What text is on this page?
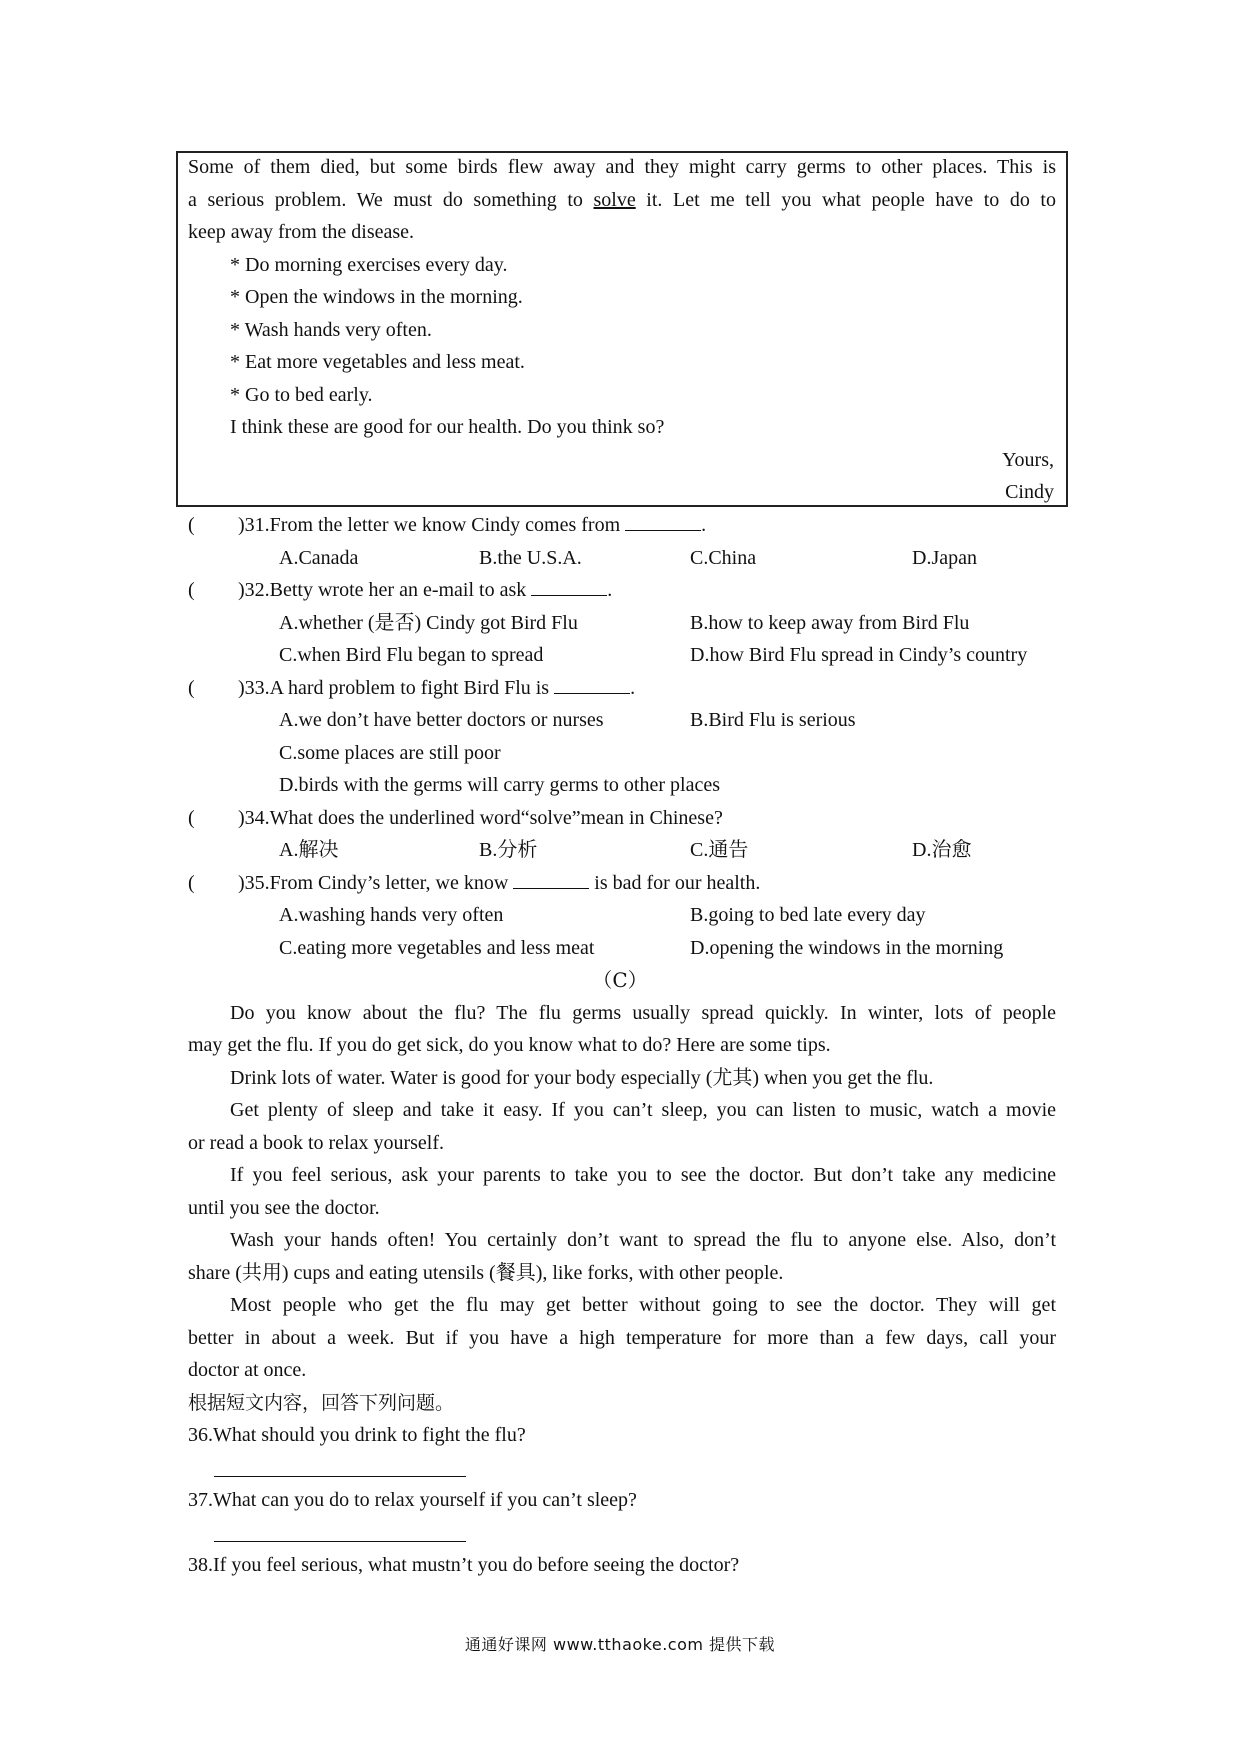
Some of them died, but some birds flew away and they might carry germs to other places. This is
a serious problem. We must do something to solve it. Let me tell you what people have to do to
keep away from the disease.
* Do morning exercises every day.
* Open the windows in the morning.
* Wash hands very often.
* Eat more vegetables and less meat.
* Go to bed early.
I think these are good for our health. Do you think so?
Yours,
Cindy
( )31.From the letter we know Cindy comes from	.
A.Canada	B.the U.S.A.	C.China	D.Japan
( )32.Betty wrote her an e-mail to ask	.
A.whether (是否) Cindy got Bird Flu	B.how to keep away from Bird Flu
C.when Bird Flu began to spread	D.how Bird Flu spread in Cindy’s country
( )33.A hard problem to fight Bird Flu is	.
A.we don’t have better doctors or nurses	B.Bird Flu is serious
C.some places are still poor
D.birds with the germs will carry germs to other places
( )34.What does the underlined word“solve”mean in Chinese?
A.解决	B.分析	C.通告	D.治愈
( )35.From Cindy’s letter, we know	is bad for our health.
A.washing hands very often	B.going to bed late every day
C.eating more vegetables and less meat	D.opening the windows in the morning
（C）
Do you know about the flu? The flu germs usually spread quickly. In winter, lots of people
may get the flu. If you do get sick, do you know what to do? Here are some tips.
Drink lots of water. Water is good for your body especially (尤其) when you get the flu.
Get plenty of sleep and take it easy. If you can’t sleep, you can listen to music, watch a movie
or read a book to relax yourself.
If you feel serious, ask your parents to take you to see the doctor. But don’t take any medicine
until you see the doctor.
Wash your hands often! You certainly don’t want to spread the flu to anyone else. Also, don’t
share (共用) cups and eating utensils (餐具), like forks, with other people.
Most people who get the flu may get better without going to see the doctor. They will get
better in about a week. But if you have a high temperature for more than a few days, call your
doctor at once.
根据短文内容，回答下列问题。
36.What should you drink to fight the flu?
37.What can you do to relax yourself if you can’t sleep?
38.If you feel serious, what mustn’t you do before seeing the doctor?
通通好课网 www.tthaoke.com 提供下载
